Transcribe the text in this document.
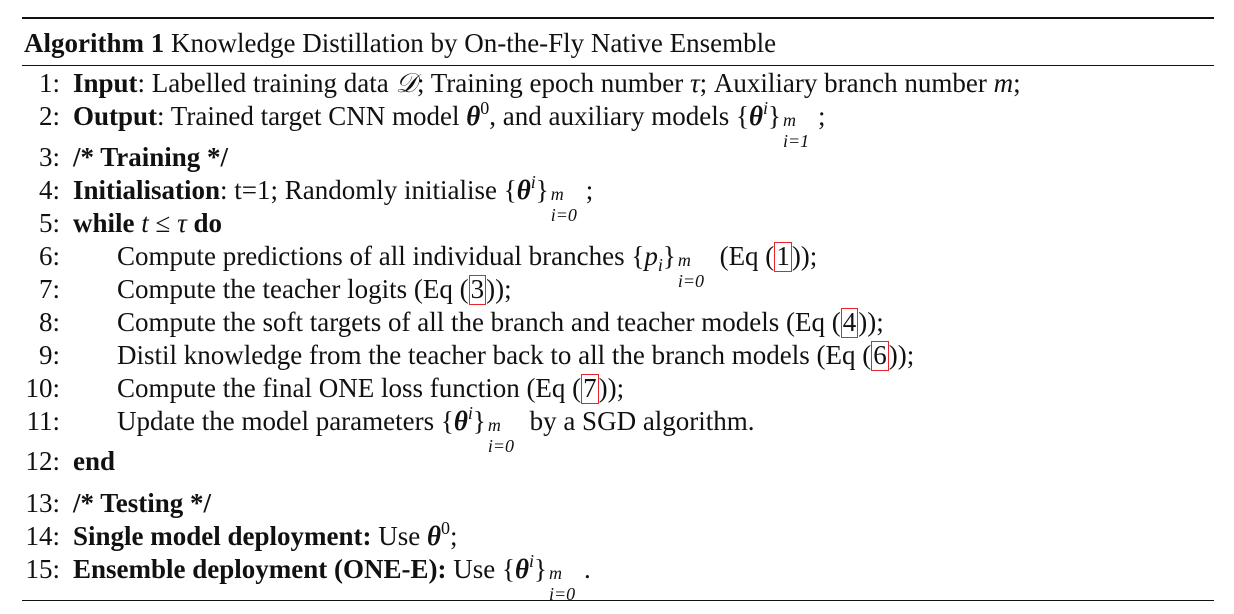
Algorithm 1 Knowledge Distillation by On-the-Fly Native Ensemble
1: Input: Labelled training data 𝒟; Training epoch number τ; Auxiliary branch number m;
2: Output: Trained target CNN model $\theta^0$, and auxiliary models $\{\theta^i\}$ m
i=1
;
3: /* Training */
4: Initialisation: t=1; Randomly initialise $\{\theta^i\}$ m
i=0
;
5: while t ≤ τ do
6: Compute predictions of all individual branches $\{p_i\}$ m
i=0
(Eq (1));
7: Compute the teacher logits (Eq (3));
8: Compute the soft targets of all the branch and teacher models (Eq (4));
9: Distil knowledge from the teacher back to all the branch models (Eq (6));
10: Compute the final ONE loss function (Eq (7));
11: Update the model parameters $\{\theta^i\}$ m
i=0
by a SGD algorithm.
12: end
13: /* Testing */
14: Single model deployment: Use $\theta^0$;
15: Ensemble deployment (ONE-E): Use $\{\theta^i\}$ m
i=0
.
